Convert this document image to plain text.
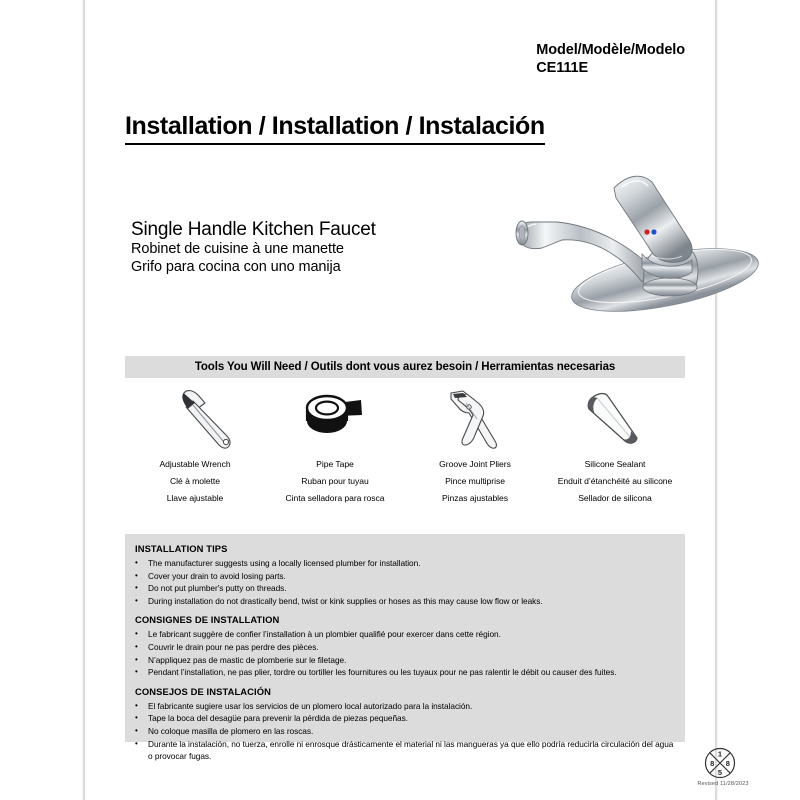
Model/Modèle/Modelo
CE111E
Installation / Installation / Instalación
Single Handle Kitchen Faucet
Robinet de cuisine à une manette
Grifo para cocina con uno manija
Tools You Will Need / Outils dont vous aurez besoin / Herramientas necesarias
Adjustable Wrench
Clé à molette
Llave ajustable
Pipe Tape
Ruban pour tuyau
Cinta selladora para rosca
Groove Joint Pliers
Pince multiprise
Pinzas ajustables
Silicone Sealant
Enduit d’étanchéité au silicone
Sellador de silicona
INSTALLATION TIPS
•	The manufacturer suggests using a locally licensed plumber for installation.
•	Cover your drain to avoid losing parts.
•	Do not put plumber's putty on threads.
•	During installation do not drastically bend, twist or kink supplies or hoses as this may cause low flow or leaks.
CONSIGNES DE INSTALLATION
•	Le fabricant suggère de confier l’installation à un plombier qualifié pour exercer dans cette région.
•	Couvrir le drain pour ne pas perdre des pièces.
•	N’appliquez pas de mastic de plomberie sur le filetage.
•	Pendant l’installation, ne pas plier, tordre ou tortiller les fournitures ou les tuyaux pour ne pas ralentir le débit ou causer des fuites.
CONSEJOS DE INSTALACIÓN
•	El fabricante sugiere usar los servicios de un plomero local autorizado para la instalación.
•	Tape la boca del desagüe para prevenir la pérdida de piezas pequeñas.
•	No coloque masilla de plomero en las roscas.
•	Durante la instalación, no tuerza, enrolle ni enrosque drásticamente el material ni las mangueras ya que ello podría reducirla circulación del agua o provocar fugas.	1
8 8
5
Revised 11/28/2023
